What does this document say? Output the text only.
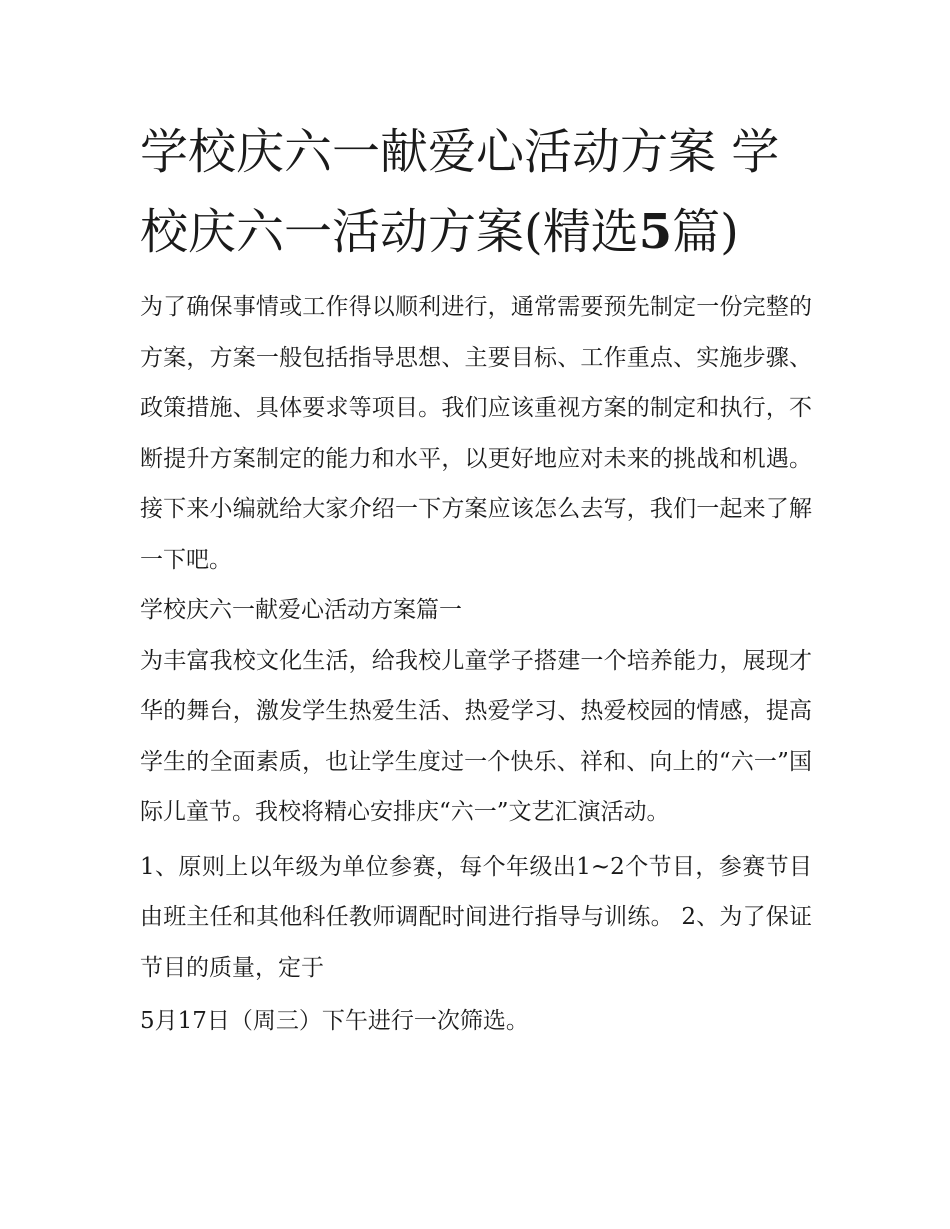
学校庆六一献爱心活动方案 学校庆六一活动方案(精选5篇)

为了确保事情或工作得以顺利进行，通常需要预先制定一份完整的方案，方案一般包括指导思想、主要目标、工作重点、实施步骤、政策措施、具体要求等项目。我们应该重视方案的制定和执行，不断提升方案制定的能力和水平，以更好地应对未来的挑战和机遇。接下来小编就给大家介绍一下方案应该怎么去写，我们一起来了解一下吧。

学校庆六一献爱心活动方案篇一

为丰富我校文化生活，给我校儿童学子搭建一个培养能力，展现才华的舞台，激发学生热爱生活、热爱学习、热爱校园的情感，提高学生的全面素质，也让学生度过一个快乐、祥和、向上的“六一”国际儿童节。我校将精心安排庆“六一”文艺汇演活动。

1、原则上以年级为单位参赛，每个年级出1~2个节目，参赛节目由班主任和其他科任教师调配时间进行指导与训练。 2、为了保证节目的质量，定于

5月17日（周三）下午进行一次筛选。
